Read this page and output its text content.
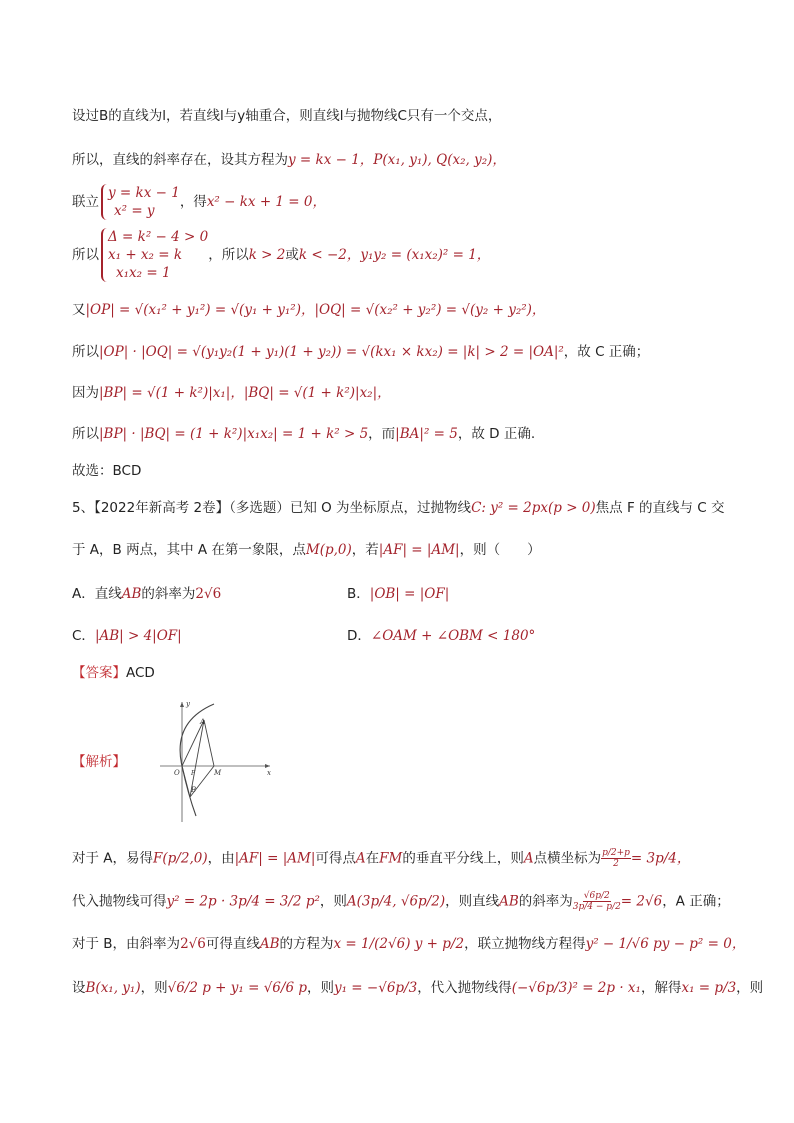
设过B的直线为l，若直线l与y轴重合，则直线l与抛物线C只有一个交点，
所以，直线的斜率存在，设其方程为y = kx − 1，P(x₁, y₁), Q(x₂, y₂)，
联立
y = kx − 1
x² = y
，得x² − kx + 1 = 0，
所以
Δ = k² − 4 > 0
x₁ + x₂ = k
x₁x₂ = 1
，所以k > 2或k < −2，y₁y₂ = (x₁x₂)² = 1，
又|OP| = √(x₁² + y₁²) = √(y₁ + y₁²)，|OQ| = √(x₂² + y₂²) = √(y₂ + y₂²)，
所以|OP| · |OQ| = √(y₁y₂(1 + y₁)(1 + y₂)) = √(kx₁ × kx₂) = |k| > 2 = |OA|²，故 C 正确；
因为|BP| = √(1 + k²)|x₁|，|BQ| = √(1 + k²)|x₂|，
所以|BP| · |BQ| = (1 + k²)|x₁x₂| = 1 + k² > 5，而|BA|² = 5，故 D 正确.
故选：BCD
5、【2022年新高考 2卷】（多选题）已知 O 为坐标原点，过抛物线C: y² = 2px(p > 0)焦点 F 的直线与 C 交
于 A，B 两点，其中 A 在第一象限，点M(p,0)，若|AF| = |AM|，则（　　）
A．直线AB的斜率为2√6	B．|OB| = |OF|
C．|AB| > 4|OF|	D．∠OAM + ∠OBM < 180°
【答案】ACD
【解析】
y
x
O F	M
A
B
对于 A，易得F(p/2,0)，由|AF| = |AM|可得点A在FM的垂直平分线上，则A点横坐标为 $\frac{p/2+p}{2} = 3p/4$，
代入抛物线可得y² = 2p · 3p/4 = 3/2 p²，则A(3p/4, √6p/2)，则直线AB的斜率为 $\frac{√6p/2}{3p/4 - p/2} = 2√6$，A 正确；
对于 B，由斜率为2√6可得直线AB的方程为x = 1/(2√6) y + p/2，联立抛物线方程得y² − 1/√6 py − p² = 0，
设B(x₁, y₁)，则√6/2 p + y₁ = √6/6 p，则y₁ = −√6p/3，代入抛物线得(−√6p/3)² = 2p · x₁，解得x₁ = p/3，则
